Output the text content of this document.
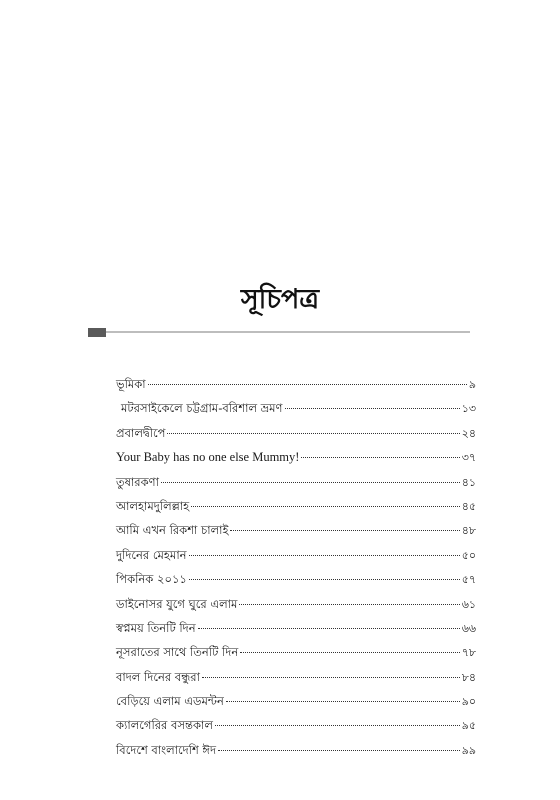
সূচিপত্র
ভূমিকা	৯
মটরসাইকেলে চট্টগ্রাম-বরিশাল ভ্রমণ	১৩
প্রবালদ্বীপে	২৪
Your Baby has no one else Mummy!	৩৭
তুষারকণা	৪১
আলহামদুলিল্লাহ	৪৫
আমি এখন রিকশা চালাই	৪৮
দুদিনের মেহমান	৫০
পিকনিক ২০১১	৫৭
ডাইনোসর যুগে ঘুরে এলাম	৬১
স্বপ্নময় তিনটি দিন	৬৬
নূসরাতের সাথে তিনটি দিন	৭৮
বাদল দিনের বন্ধুরা	৮৪
বেড়িয়ে এলাম এডমন্টন	৯০
ক্যালগেরির বসন্তকাল	৯৫
বিদেশে বাংলাদেশি ঈদ	৯৯
